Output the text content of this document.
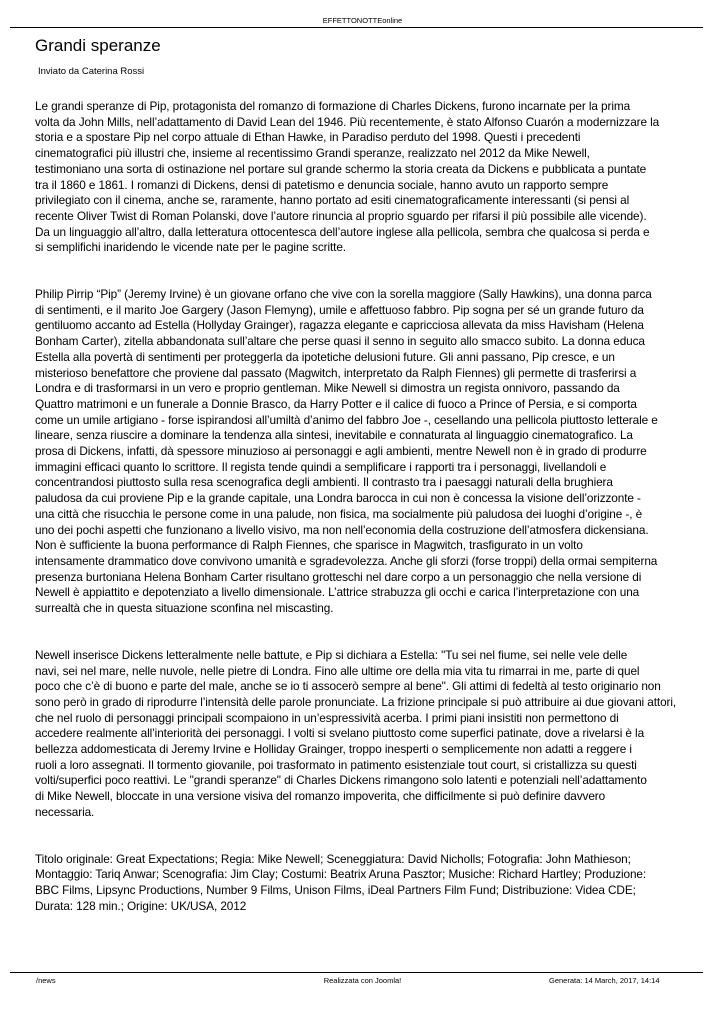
EFFETTONOTTEonline
Grandi speranze
Inviato da Caterina Rossi

Le grandi speranze di Pip, protagonista del romanzo di formazione di Charles Dickens, furono incarnate per la prima
volta da John Mills, nell’adattamento di David Lean del 1946. Più recentemente, è stato Alfonso Cuarón a modernizzare la
storia e a spostare Pip nel corpo attuale di Ethan Hawke, in Paradiso perduto del 1998. Questi i precedenti
cinematografici più illustri che, insieme al recentissimo Grandi speranze, realizzato nel 2012 da Mike Newell,
testimoniano una sorta di ostinazione nel portare sul grande schermo la storia creata da Dickens e pubblicata a puntate
tra il 1860 e 1861. I romanzi di Dickens, densi di patetismo e denuncia sociale, hanno avuto un rapporto sempre
privilegiato con il cinema, anche se, raramente, hanno portato ad esiti cinematograficamente interessanti (si pensi al
recente Oliver Twist di Roman Polanski, dove l’autore rinuncia al proprio sguardo per rifarsi il più possibile alle vicende).
Da un linguaggio all’altro, dalla letteratura ottocentesca dell’autore inglese alla pellicola, sembra che qualcosa si perda e
si semplifichi inaridendo le vicende nate per le pagine scritte.

Philip Pirrip “Pip” (Jeremy Irvine) è un giovane orfano che vive con la sorella maggiore (Sally Hawkins), una donna parca
di sentimenti, e il marito Joe Gargery (Jason Flemyng), umile e affettuoso fabbro. Pip sogna per sé un grande futuro da
gentiluomo accanto ad Estella (Hollyday Grainger), ragazza elegante e capricciosa allevata da miss Havisham (Helena
Bonham Carter), zitella abbandonata sull’altare che perse quasi il senno in seguito allo smacco subito. La donna educa
Estella alla povertà di sentimenti per proteggerla da ipotetiche delusioni future. Gli anni passano, Pip cresce, e un
misterioso benefattore che proviene dal passato (Magwitch, interpretato da Ralph Fiennes) gli permette di trasferirsi a
Londra e di trasformarsi in un vero e proprio gentleman. Mike Newell si dimostra un regista onnivoro, passando da
Quattro matrimoni e un funerale a Donnie Brasco, da Harry Potter e il calice di fuoco a Prince of Persia, e si comporta
come un umile artigiano - forse ispirandosi all’umiltà d’animo del fabbro Joe -, cesellando una pellicola piuttosto letterale e
lineare, senza riuscire a dominare la tendenza alla sintesi, inevitabile e connaturata al linguaggio cinematografico. La
prosa di Dickens, infatti, dà spessore minuzioso ai personaggi e agli ambienti, mentre Newell non è in grado di produrre
immagini efficaci quanto lo scrittore. Il regista tende quindi a semplificare i rapporti tra i personaggi, livellandoli e
concentrandosi piuttosto sulla resa scenografica degli ambienti. Il contrasto tra i paesaggi naturali della brughiera
paludosa da cui proviene Pip e la grande capitale, una Londra barocca in cui non è concessa la visione dell’orizzonte -
una città che risucchia le persone come in una palude, non fisica, ma socialmente più paludosa dei luoghi d’origine -, è
uno dei pochi aspetti che funzionano a livello visivo, ma non nell’economia della costruzione dell’atmosfera dickensiana.
Non è sufficiente la buona performance di Ralph Fiennes, che sparisce in Magwitch, trasfigurato in un volto
intensamente drammatico dove convivono umanità e sgradevolezza. Anche gli sforzi (forse troppi) della ormai sempiterna
presenza burtoniana Helena Bonham Carter risultano grotteschi nel dare corpo a un personaggio che nella versione di
Newell è appiattito e depotenziato a livello dimensionale. L’attrice strabuzza gli occhi e carica l’interpretazione con una
surrealtà che in questa situazione sconfina nel miscasting.

Newell inserisce Dickens letteralmente nelle battute, e Pip si dichiara a Estella: "Tu sei nel fiume, sei nelle vele delle
navi, sei nel mare, nelle nuvole, nelle pietre di Londra. Fino alle ultime ore della mia vita tu rimarrai in me, parte di quel
poco che c’è di buono e parte del male, anche se io ti assocerò sempre al bene". Gli attimi di fedeltà al testo originario non
sono però in grado di riprodurre l’intensità delle parole pronunciate. La frizione principale si può attribuire ai due giovani attori,
che nel ruolo di personaggi principali scompaiono in un’espressività acerba. I primi piani insistiti non permettono di
accedere realmente all’interiorità dei personaggi. I volti si svelano piuttosto come superfici patinate, dove a rivelarsi è la
bellezza addomesticata di Jeremy Irvine e Holliday Grainger, troppo inesperti o semplicemente non adatti a reggere i
ruoli a loro assegnati. Il tormento giovanile, poi trasformato in patimento esistenziale tout court, si cristallizza su questi
volti/superfici poco reattivi. Le "grandi speranze" di Charles Dickens rimangono solo latenti e potenziali nell’adattamento
di Mike Newell, bloccate in una versione visiva del romanzo impoverita, che difficilmente si può definire davvero
necessaria.

Titolo originale: Great Expectations; Regia: Mike Newell; Sceneggiatura: David Nicholls; Fotografia: John Mathieson;
Montaggio: Tariq Anwar; Scenografia: Jim Clay; Costumi: Beatrix Aruna Pasztor; Musiche: Richard Hartley; Produzione:
BBC Films, Lipsync Productions, Number 9 Films, Unison Films, iDeal Partners Film Fund; Distribuzione: Videa CDE;
Durata: 128 min.; Origine: UK/USA, 2012

/news	Realizzata con Joomla!	Generata: 14 March, 2017, 14:14
